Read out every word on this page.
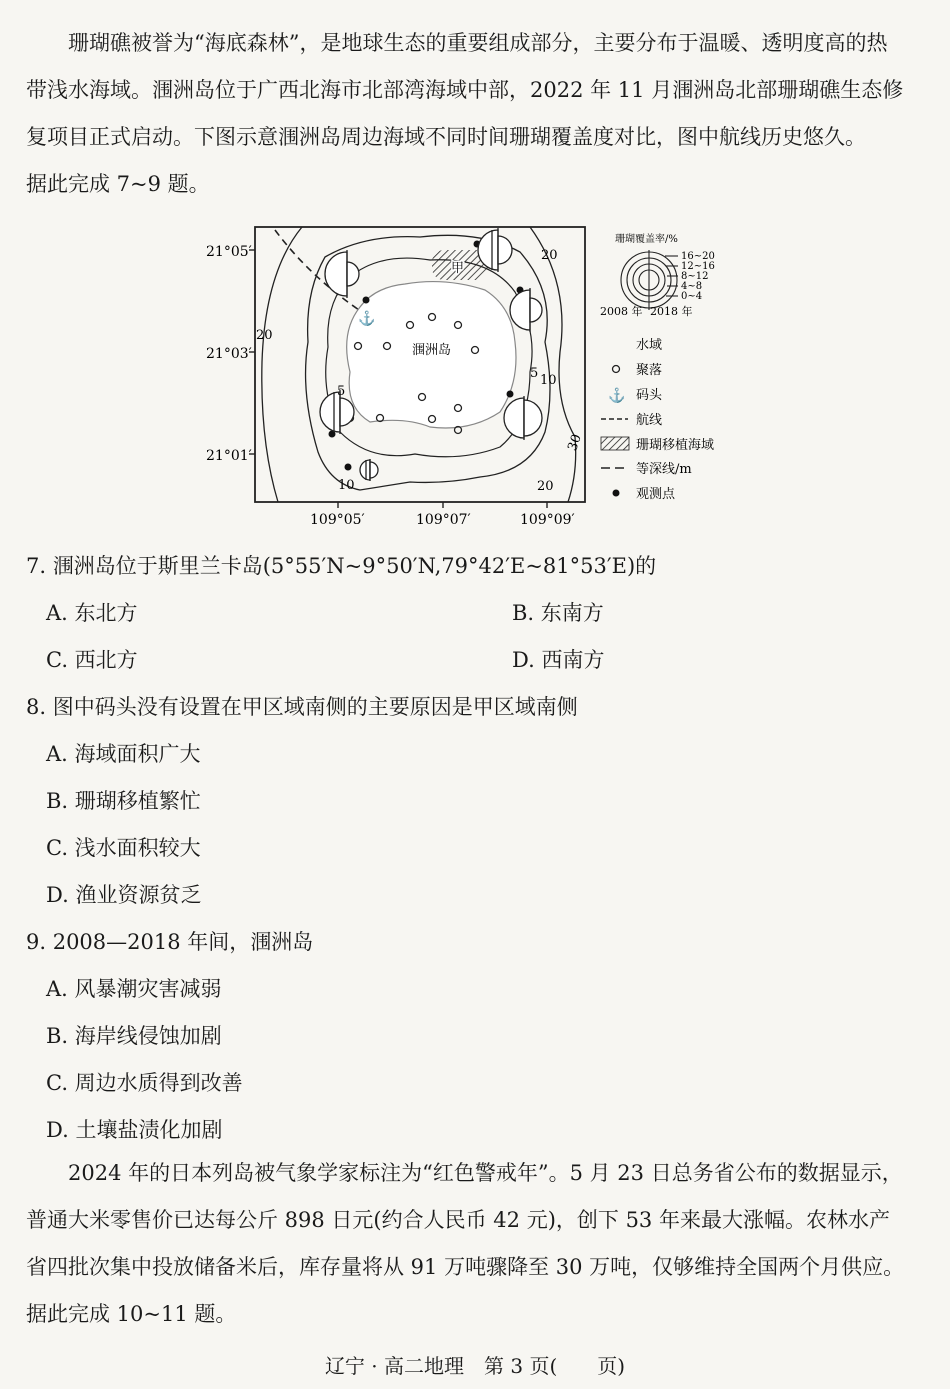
珊瑚礁被誉为“海底森林”，是地球生态的重要组成部分，主要分布于温暖、透明度高的热
带浅水海域。涠洲岛位于广西北海市北部湾海域中部，2022 年 11 月涠洲岛北部珊瑚礁生态修
复项目正式启动。下图示意涠洲岛周边海域不同时间珊瑚覆盖度对比，图中航线历史悠久。
据此完成 7~9 题。
21°05′
21°03′
21°01′
109°05′	109°07′	109°09′
甲
涠洲岛
⚓
20
20
5
10
5 10
20
30
珊瑚覆盖率/%
16~20
12~16
8~12
4~8
0~4
2008 年 2018 年
水域
聚落
⚓ 码头
航线
珊瑚移植海域
等深线/m
观测点
7. 涠洲岛位于斯里兰卡岛(5°55′N~9°50′N,79°42′E~81°53′E)的
A. 东北方	B. 东南方
C. 西北方	D. 西南方
8. 图中码头没有设置在甲区域南侧的主要原因是甲区域南侧
A. 海域面积广大
B. 珊瑚移植繁忙
C. 浅水面积较大
D. 渔业资源贫乏
9. 2008—2018 年间，涠洲岛
A. 风暴潮灾害减弱
B. 海岸线侵蚀加剧
C. 周边水质得到改善
D. 土壤盐渍化加剧
2024 年的日本列岛被气象学家标注为“红色警戒年”。5 月 23 日总务省公布的数据显示，
普通大米零售价已达每公斤 898 日元(约合人民币 42 元)，创下 53 年来最大涨幅。农林水产
省四批次集中投放储备米后，库存量将从 91 万吨骤降至 30 万吨，仅够维持全国两个月供应。
据此完成 10~11 题。
辽宁 · 高二地理　第 3 页(　　页)
